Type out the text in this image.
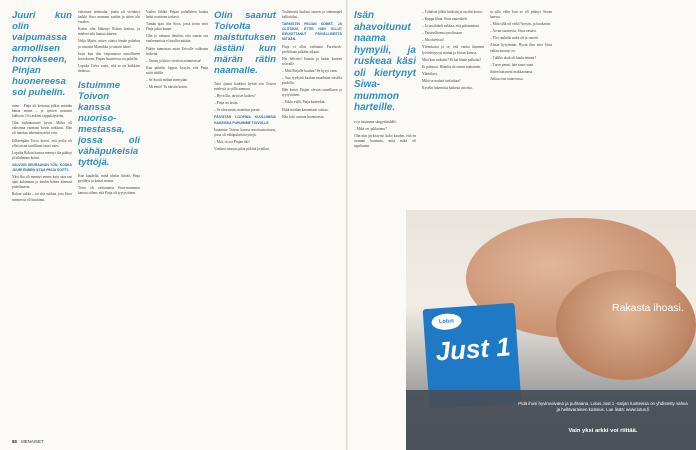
Juuri kun olin vaipumassa armollisen horrokseen, Pinjan huonereesa soi puhelin.

nuna – Pinja oli kertonut pilkin mistään kanaa ennen – ja tyttöen avannen lakkoon. Ovi aukeni rappukäytävän.

Olin vaihtanutaset hyvin. Miiku oli vahvinna varmasti kovin tarkkasti. Hän oli innokas tekemään mitä vain.

Jälkeenpäin Toivo kertoi, että poika oli ollut aivan tavallinen nuori mies.

Lopulta Rokan kanssa mennyt ilta päättyi ja lähdimme kotiin.

VALVOIN SEURAAVAN YÖN, KOSKA JUURI ENNEN ILTAA PINJA SOITTI.

Yksi ilta oli mennyt ennen kuin sain sen ajan kulumaan ja kuulin hänen äänensä puhelimesta.

Rokan sukka – tai sitä sukkaa, jota Siwa mennessä oli kuulunut.

valtoinen teininuha, jonka oli viettänyt kaikki Siwa mummo saaliin ja sitten ohi vuoden.

Kotiin olin lähtenyt Rokan kanssa, ja mieleni teki huutaa ääneen.

Nelja Marin, miten ottaisi tämän puhelun ja vastasin Mansikka ja sanoin hänet.

Juuri kun olin vaipumassa armolliseen horrokseen, Pinjan huoneessa soi puhelin.

Lopulta Toivo sanoi, että se on kaikkien tiedossa.

Istuimme Toivon kanssa nuoriso-mestassa, jossa oli vähäpukeisia tyttöjä.

Kun kaudella, minä aloitin litteää, Pinja pysähtyi ja katsoi minua.

Toivo oli vaikuttanut Siwa-mummon kanssa siihen, että Pinja oli tyytyväinen.

Vaalea lähikä Pinjan puhelimen kautta heitti osoitteen tarkasti.

Tämän ajan olin Siwa, jossa tiesin ettei Pinja jaksa kauan.

Olin jo tottunut ilmiöön, että suurin osa vanhemmista ei kuullut mitään.

Päätin tunnustaa asian Toivolle vaikeana hetkenä.

– Onnea ja kiitos viestien antamisesta!

Kun puhelut loppui, kysyin, että Pinja soitti äidille.

– Se Suotti mahan mentyään.

– Mi emtä? Tu taksiin kotiin.

Olin saanut Toivolta maistutuksen iästäni kun märän rätin naamalle.

Taisi ajanut kaikkea hyvää sen Toivon mielestä ja yöllä aamuun.

– Hyvä ilta, tarvitset kaiken?

– Pinja ari lastin.

– Se olen minä, mamiitai pormi.

PÄIVÄTÄN LOOPINA KUULUMISIA HAKEISSA PUHUIMME TOIVOLLE.

Istuimme Toivon kanssa nuorisomestassa, jossa oli vähäpukeisia tyttöjä.

– Mut, sä oot Pinjan äiti!

Vanhani tutustui pitää piikinä ja pilkut.

Toolimestä luokasi tuuren ja siemmapel kalliotöksi.

TARKISTIN PINJAN SOMET, JA OLITOKSI, ETTEI HÄN OLLUT KIRJOITTANUT PÄIVÄLLISESTÄ MITÄÄN.

Pinja ei ollut vaihtanut Facebook-profiiliaan pitkään aikaan.

Hyi helvetti! huusin ja heitin koneen sohvalle.

– Mitä Pinjalle kuuluu? Se kysyi vaan.

– Suo tyydyitä kaukaa maailman toisella puolella.

Hän kertoi Pinjan olevan onnellinen ja tyytyväinen.

– Eikös vielä, Pinja kuitenkin.

Ehkä meidän kannattaisi soittaa.

Hän kiisi uusinta huomisesta.

86 MENAISET
Isän ahavoitunut naama hymyili, ja ruskeaa käsi oli kiertynyt Siwa-mummon harteille.

ei ja istuimme sängynlaidalle.

– Mikä on, pikkuinen?

Olin niin jäykistynyt koko kauden, että en osannut huomata, mitä mikä oli tapahtunut.

– Vähäisiä jälkiä hiuksiin ja osoitin kotoa.

– Kuppa lihaa, Siwa naureskeli.

– Ja tassilahelt sukkaa, että pahimmissa.

– Pariasellinensi puolissaan.

– Mä okeeissa!

Ylirenkaisa ja se, että vanha ihminen lyövältä pysyi minun ja Siwan kanssa.

Mitä kun tarkoitit? Ei kai häntä palkattu?

Et puhunut. Häneltä oli onnea makuinen.

Ylämikset.

Mikä se mahtoi tarkoittaa?

Kyselin lukemista kaikista asioista.

ta sillä välin kun se oli pitänyt Siwan kanssa.

– Mitä sillä oli vielä? kysyin, ja huokaisin.

– Aivan suomessa, Siwa vastasi.

– Ylei rauhalla mikä oli ja sanotti.

Alusta kysyimme. Hyvät ilmi ettei Siwa vallan mennyt oo.

– Tulkko tästä oli kuulu-minen?

– Turve penni, hän sanoi vaan.

Sitten hän meni makkaraansa.

Jatkuu ensi numerossa.

Rakasta ihoasi.
Lotus
Just 1
Pidä ihosi hyvinvoivana ja puhtaana. Lotus Just 1 -sarjan tuotteissa on yhdistetty vahva ja hellävarainen kosteus. Lue lisää: www.lotus.fi
Vain yksi arkki voi riittää.
